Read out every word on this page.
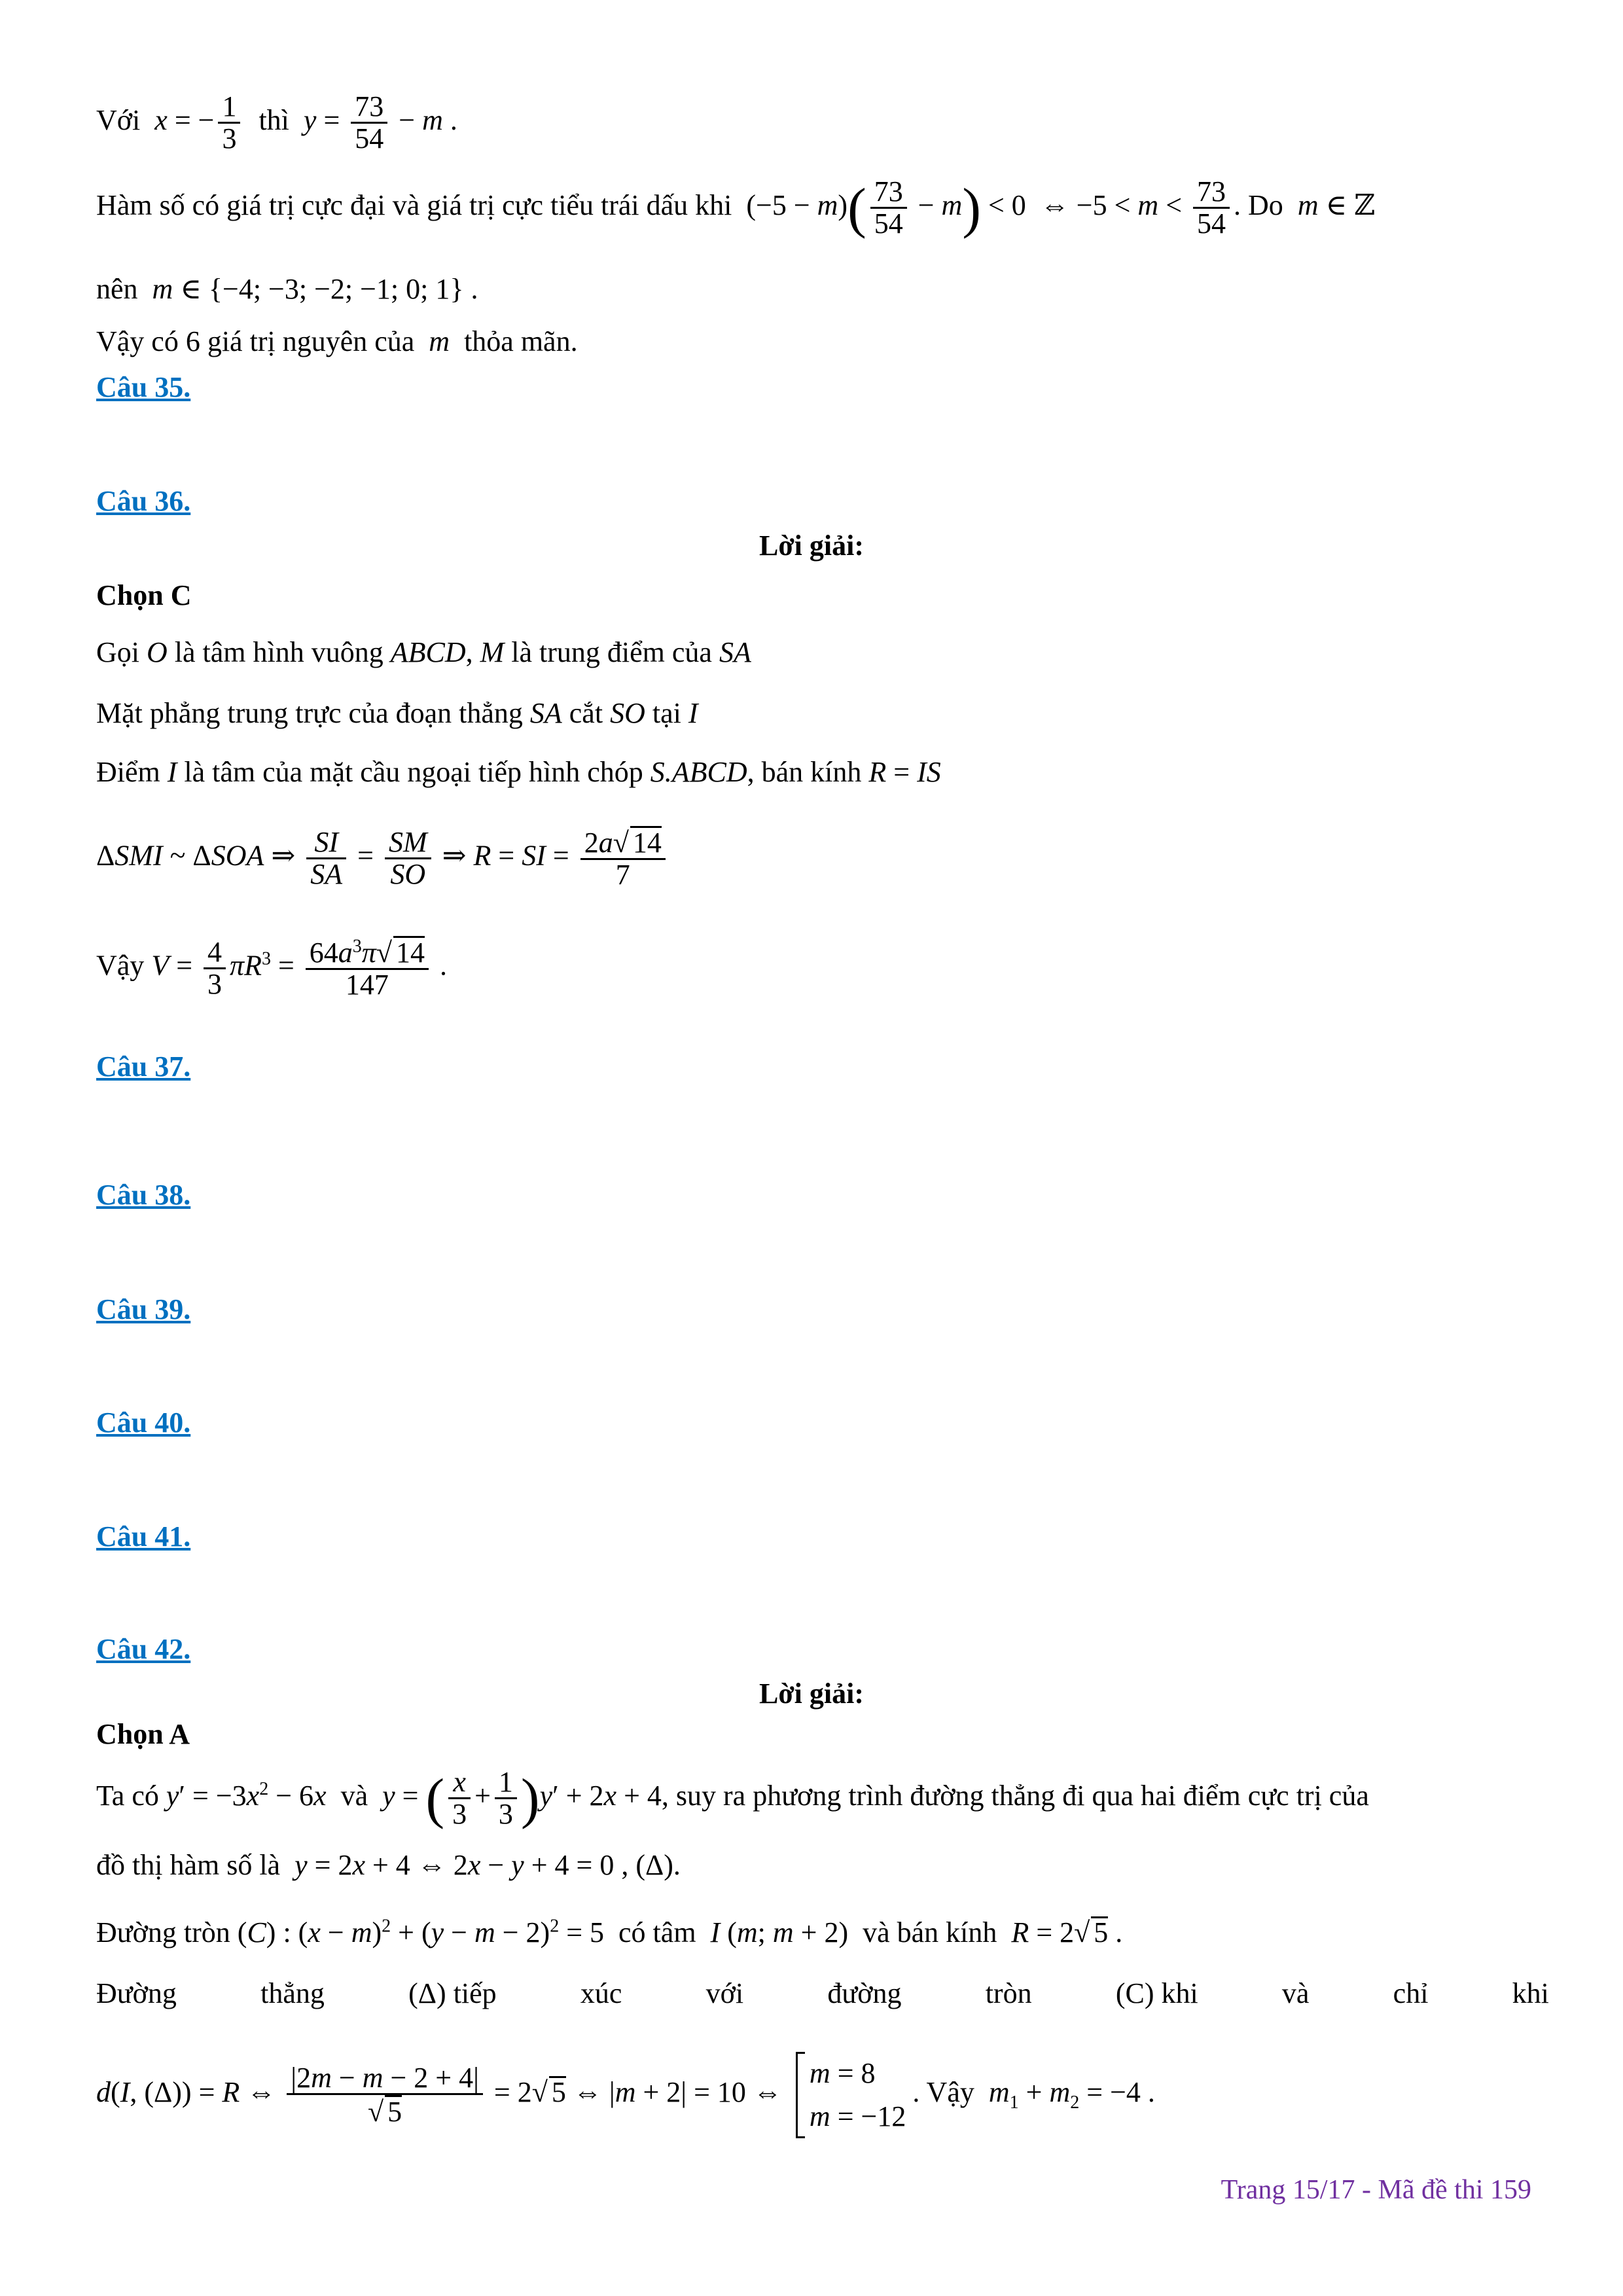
Với x = − $\frac{1}{3}$ thì $y = \frac{73}{54} - m$ .
Hàm số có giá trị cực đại và giá trị cực tiểu trái dấu khi  $(-5 - m)( \frac{73}{54} - m) < 0$  ⇔ $-5 < m < \frac{73}{54}$ . Do m ∈ ℤ
nên m ∈ {−4; −3; −2; −1; 0; 1} .
Vậy có 6 giá trị nguyên của m thỏa mãn.
Câu 35.
Câu 36.
Lời giải:
Chọn C
Gọi O là tâm hình vuông ABCD, M là trung điểm của SA
Mặt phẳng trung trực của đoạn thẳng SA cắt SO tại I
Điểm I là tâm của mặt cầu ngoại tiếp hình chóp S.ABCD, bán kính R = IS
ΔSMI ~ ΔSOA ⇒ $\frac{SI}{SA} = \frac{SM}{SO}$ ⇒ R = SI = $\frac{2a√ 14}{7}$
Vậy $V = \frac{4}{3} \pi R^3 = \frac{64a^3\pi√ 14}{147}$ .
Câu 37.
Câu 38.
Câu 39.
Câu 40.
Câu 41.
Câu 42.
Lời giải:
Chọn A
Ta có $y' = -3x^2 - 6x$ và y = ( $\frac{x}{3} + \frac{1}{3} )y' + 2x + 4$, suy ra phương trình đường thẳng đi qua hai điểm cực trị của
đồ thị hàm số là y = 2x + 4 ⇔ 2x − y + 4 = 0 , (Δ).
Đường tròn (C) : $(x - m)^2 + (y - m - 2)^2 = 5$  có tâm I (m; m + 2)  và bán kính R = 2√ 5 .
Đường	thẳng	(Δ) tiếp	xúc	với	đường	tròn	(C) khi	và	chỉ	khi
d(I, (Δ)) = R ⇔ $\frac{|2m - m - 2 + 4|}{√ 5} = 2√$ 5 ⇔ |m + 2| = 10 ⇔
m = 8
m = −12
. Vậy $m_1 + m_2 = -4$ .
Trang 15/17 - Mã đề thi 159
